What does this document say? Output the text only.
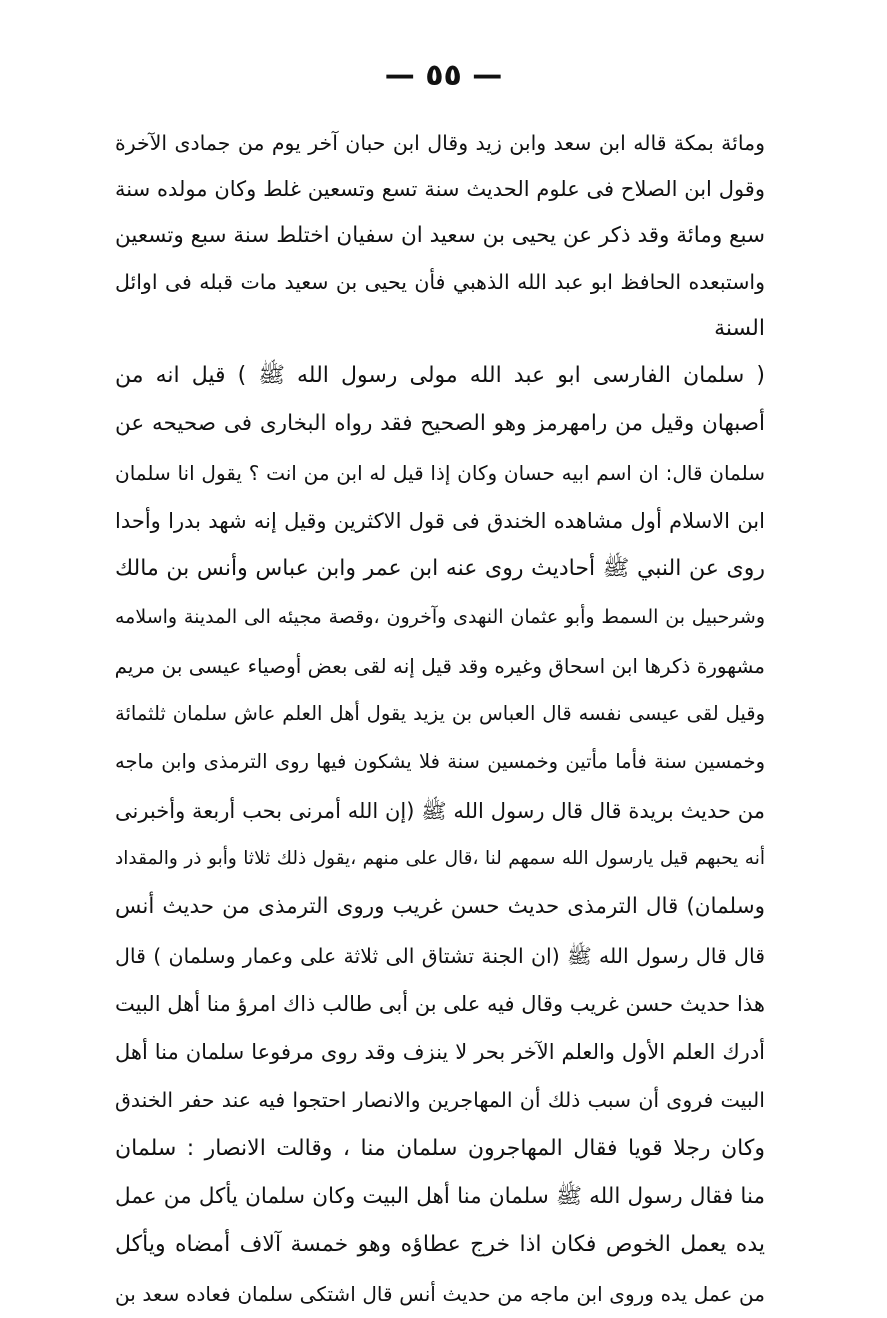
— ٥٥ —
ومائة بمكة قاله ابن سعد وابن زيد وقال ابن حبان آخر يوم من جمادى الآخرة
وقول ابن الصلاح فى علوم الحديث سنة تسع وتسعين غلط وكان مولده سنة
سبع ومائة وقد ذكر عن يحيى بن سعيد ان سفيان اختلط سنة سبع وتسعين
واستبعده الحافظ ابو عبد الله الذهبي فأن يحيى بن سعيد مات قبله فى اوائل
السنة
( سلمان الفارسى ابو عبد الله مولى رسول الله ﷺ ) قيل انه من
أصبهان وقيل من رامهرمز وهو الصحيح فقد رواه البخارى فى صحيحه عن
سلمان قال: ان اسم ابيه حسان وكان إذا قيل له ابن من انت ؟ يقول انا سلمان
ابن الاسلام أول مشاهده الخندق فى قول الاكثرين وقيل إنه شهد بدرا وأحدا
روى عن النبي ﷺ أحاديث روى عنه ابن عمر وابن عباس وأنس بن مالك
وشرحبيل بن السمط وأبو عثمان النهدى وآخرون ،وقصة مجيئه الى المدينة واسلامه
مشهورة ذكرها ابن اسحاق وغيره وقد قيل إنه لقى بعض أوصياء عيسى بن مريم
وقيل لقى عيسى نفسه قال العباس بن يزيد يقول أهل العلم عاش سلمان ثلثمائة
وخمسين سنة فأما مأتين وخمسين سنة فلا يشكون فيها روى الترمذى وابن ماجه
من حديث بريدة قال قال رسول الله ﷺ (إن الله أمرنى بحب أربعة وأخبرنى
أنه يحبهم قيل يارسول الله سمهم لنا ،قال على منهم ،يقول ذلك ثلاثا وأبو ذر والمقداد
وسلمان) قال الترمذى حديث حسن غريب وروى الترمذى من حديث أنس
قال قال رسول الله ﷺ (ان الجنة تشتاق الى ثلاثة على وعمار وسلمان ) قال
هذا حديث حسن غريب وقال فيه على بن أبى طالب ذاك امرؤ منا أهل البيت
أدرك العلم الأول والعلم الآخر بحر لا ينزف وقد روى مرفوعا سلمان منا أهل
البيت فروى أن سبب ذلك أن المهاجرين والانصار احتجوا فيه عند حفر الخندق
وكان رجلا قويا فقال المهاجرون سلمان منا ، وقالت الانصار : سلمان
منا فقال رسول الله ﷺ سلمان منا أهل البيت وكان سلمان يأكل من عمل
يده يعمل الخوص فكان اذا خرج عطاؤه وهو خمسة آلاف أمضاه ويأكل
من عمل يده وروى ابن ماجه من حديث أنس قال اشتكى سلمان فعاده سعد بن
